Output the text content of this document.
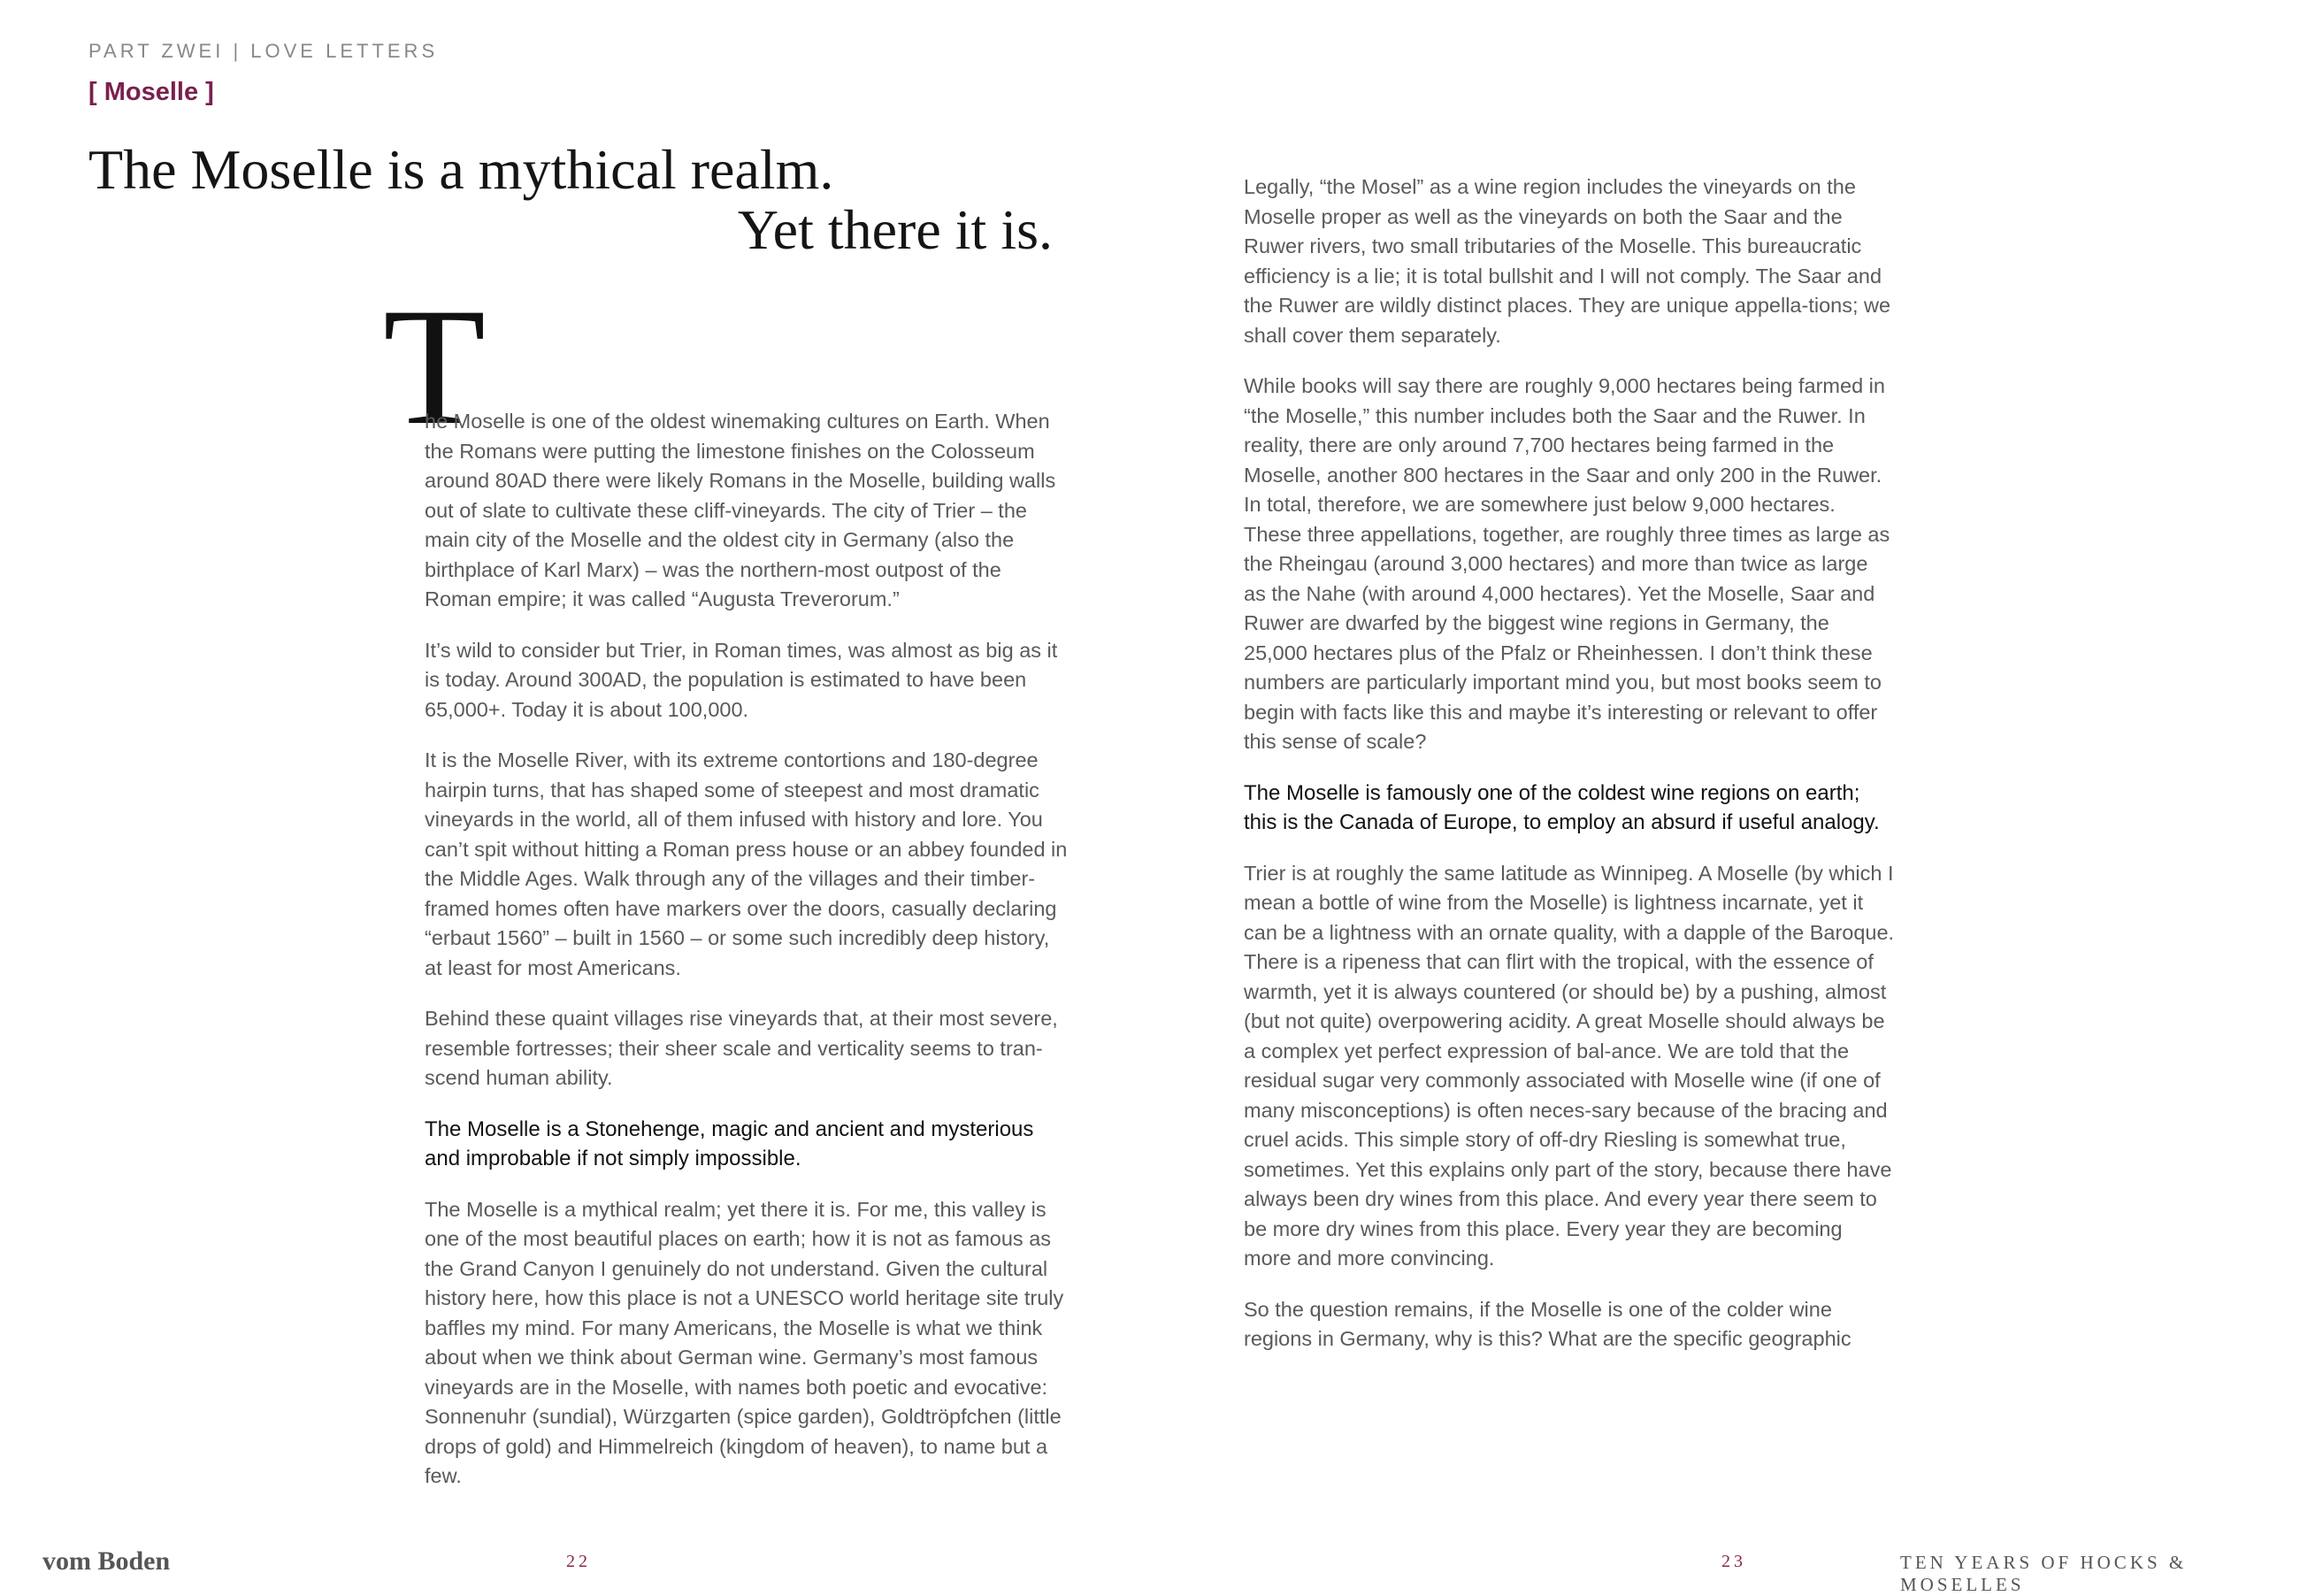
PART ZWEI | LOVE LETTERS
[ Moselle ]
The Moselle is a mythical realm.
Yet there it is.
T

he Moselle is one of the oldest winemaking cultures on Earth. When the Romans were putting the limestone finishes on the Colosseum around 80AD there were likely Romans in the Moselle, building walls out of slate to cultivate these cliff-vineyards. The city of Trier – the main city of the Moselle and the oldest city in Germany (also the birthplace of Karl Marx) – was the northern-most outpost of the Roman empire; it was called “Augusta Treverorum.”

It’s wild to consider but Trier, in Roman times, was almost as big as it is today. Around 300AD, the population is estimated to have been 65,000+. Today it is about 100,000.

It is the Moselle River, with its extreme contortions and 180-degree hairpin turns, that has shaped some of steepest and most dramatic vineyards in the world, all of them infused with history and lore. You can’t spit without hitting a Roman press house or an abbey founded in the Middle Ages. Walk through any of the villages and their timber-framed homes often have markers over the doors, casually declaring “erbaut 1560” – built in 1560 – or some such incredibly deep history, at least for most Americans.

Behind these quaint villages rise vineyards that, at their most severe, resemble fortresses; their sheer scale and verticality seems to tran-scend human ability.

The Moselle is a Stonehenge, magic and ancient and mysterious and improbable if not simply impossible.

The Moselle is a mythical realm; yet there it is. For me, this valley is one of the most beautiful places on earth; how it is not as famous as the Grand Canyon I genuinely do not understand. Given the cultural history here, how this place is not a UNESCO world heritage site truly baffles my mind. For many Americans, the Moselle is what we think about when we think about German wine. Germany’s most famous vineyards are in the Moselle, with names both poetic and evocative: Sonnenuhr (sundial), Würzgarten (spice garden), Goldtröpfchen (little drops of gold) and Himmelreich (kingdom of heaven), to name but a few.

Legally, “the Mosel” as a wine region includes the vineyards on the Moselle proper as well as the vineyards on both the Saar and the Ruwer rivers, two small tributaries of the Moselle. This bureaucratic efficiency is a lie; it is total bullshit and I will not comply. The Saar and the Ruwer are wildly distinct places. They are unique appella-tions; we shall cover them separately.

While books will say there are roughly 9,000 hectares being farmed in “the Moselle,” this number includes both the Saar and the Ruwer. In reality, there are only around 7,700 hectares being farmed in the Moselle, another 800 hectares in the Saar and only 200 in the Ruwer. In total, therefore, we are somewhere just below 9,000 hectares. These three appellations, together, are roughly three times as large as the Rheingau (around 3,000 hectares) and more than twice as large as the Nahe (with around 4,000 hectares). Yet the Moselle, Saar and Ruwer are dwarfed by the biggest wine regions in Germany, the 25,000 hectares plus of the Pfalz or Rheinhessen. I don’t think these numbers are particularly important mind you, but most books seem to begin with facts like this and maybe it’s interesting or relevant to offer this sense of scale?

The Moselle is famously one of the coldest wine regions on earth; this is the Canada of Europe, to employ an absurd if useful analogy.

Trier is at roughly the same latitude as Winnipeg. A Moselle (by which I mean a bottle of wine from the Moselle) is lightness incarnate, yet it can be a lightness with an ornate quality, with a dapple of the Baroque. There is a ripeness that can flirt with the tropical, with the essence of warmth, yet it is always countered (or should be) by a pushing, almost (but not quite) overpowering acidity. A great Moselle should always be a complex yet perfect expression of bal-ance. We are told that the residual sugar very commonly associated with Moselle wine (if one of many misconceptions) is often neces-sary because of the bracing and cruel acids. This simple story of off-dry Riesling is somewhat true, sometimes. Yet this explains only part of the story, because there have always been dry wines from this place. And every year there seem to be more dry wines from this place. Every year they are becoming more and more convincing.

So the question remains, if the Moselle is one of the colder wine regions in Germany, why is this? What are the specific geographic

vom Boden	22	23	TEN YEARS OF HOCKS & MOSELLES
